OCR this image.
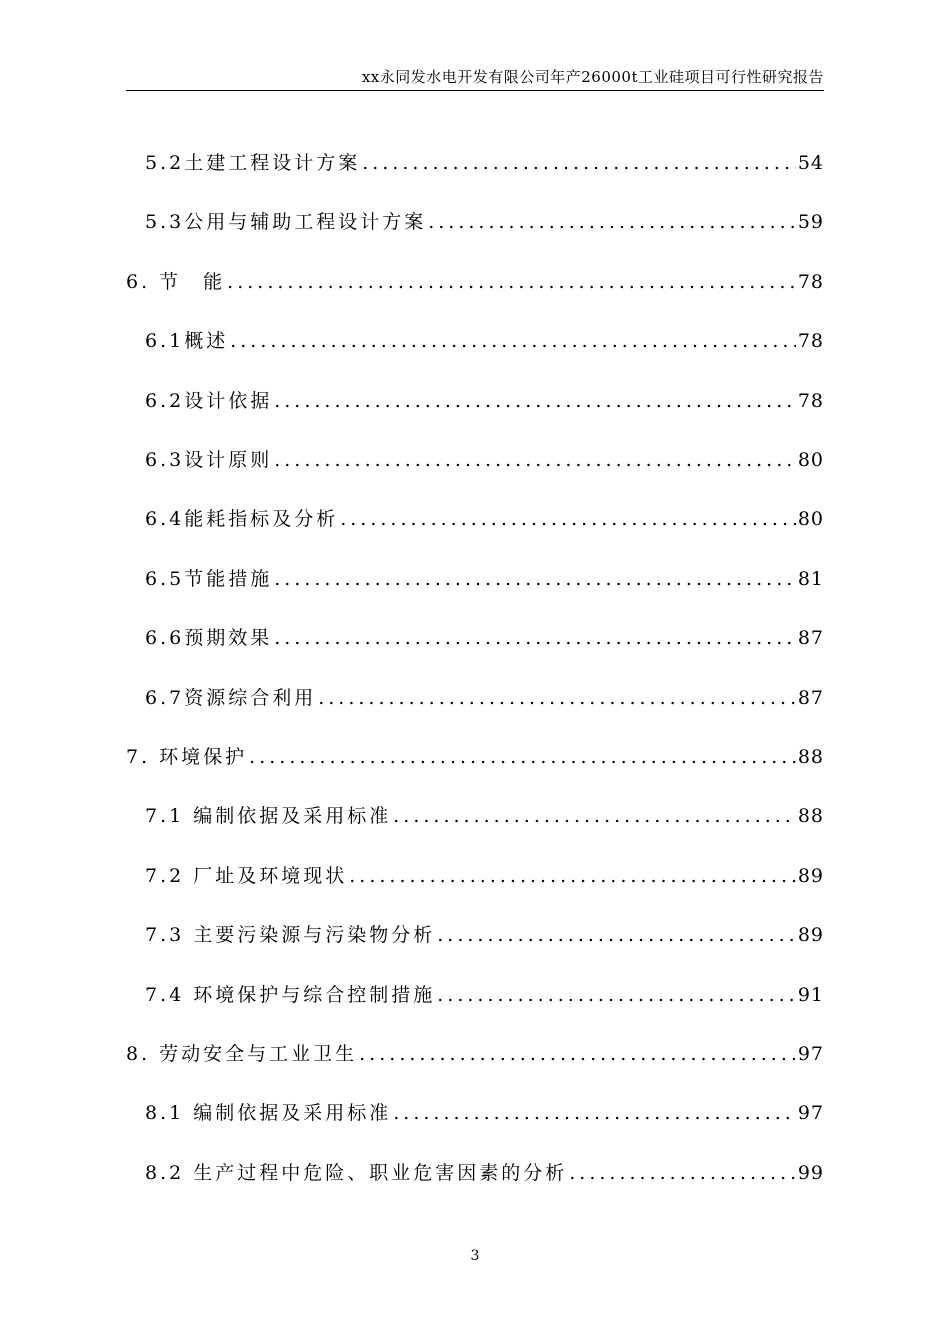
xx永同发水电开发有限公司年产26000t工业硅项目可行性研究报告
5.2土建工程设计方案 .....	54
5.3公用与辅助工程设计方案 .....	59
6. 节　能 .....	78
6.1概述 .....	78
6.2设计依据 .....	78
6.3设计原则 .....	80
6.4能耗指标及分析 .....	80
6.5节能措施 .....	81
6.6预期效果 .....	87
6.7资源综合利用 .....	87
7. 环境保护 .....	88
7.1 编制依据及采用标准 .....	88
7.2 厂址及环境现状 .....	89
7.3 主要污染源与污染物分析 .....	89
7.4 环境保护与综合控制措施 .....	91
8. 劳动安全与工业卫生 .....	97
8.1 编制依据及采用标准 .....	97
8.2 生产过程中危险、职业危害因素的分析 .....	99
3
